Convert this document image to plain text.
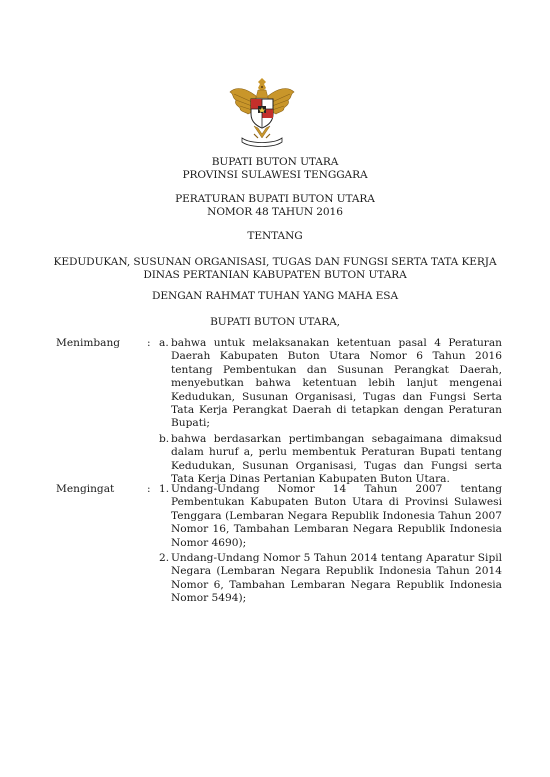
BUPATI BUTON UTARA
PROVINSI SULAWESI TENGGARA
PERATURAN BUPATI BUTON UTARA
NOMOR 48 TAHUN 2016
TENTANG
KEDUDUKAN, SUSUNAN ORGANISASI, TUGAS DAN FUNGSI SERTA TATA KERJA
DINAS PERTANIAN KABUPATEN BUTON UTARA
DENGAN RAHMAT TUHAN YANG MAHA ESA
BUPATI BUTON UTARA,
Menimbang	: a. bahwa untuk melaksanakan ketentuan pasal 4 Peraturan Daerah Kabupaten Buton Utara Nomor 6 Tahun 2016 tentang Pembentukan dan Susunan Perangkat Daerah, menyebutkan bahwa ketentuan lebih lanjut mengenai Kedudukan, Susunan Organisasi, Tugas dan Fungsi Serta Tata Kerja Perangkat Daerah di tetapkan dengan Peraturan Bupati;
b. bahwa berdasarkan pertimbangan sebagaimana dimaksud dalam huruf a, perlu membentuk Peraturan Bupati tentang Kedudukan, Susunan Organisasi, Tugas dan Fungsi serta Tata Kerja Dinas Pertanian Kabupaten Buton Utara.
Mengingat	: 1. Undang-Undang Nomor 14 Tahun 2007 tentang Pembentukan Kabupaten Buton Utara di Provinsi Sulawesi Tenggara (Lembaran Negara Republik Indonesia Tahun 2007 Nomor 16, Tambahan Lembaran Negara Republik Indonesia Nomor 4690);
2. Undang-Undang Nomor 5 Tahun 2014 tentang Aparatur Sipil Negara (Lembaran Negara Republik Indonesia Tahun 2014 Nomor 6, Tambahan Lembaran Negara Republik Indonesia Nomor 5494);
